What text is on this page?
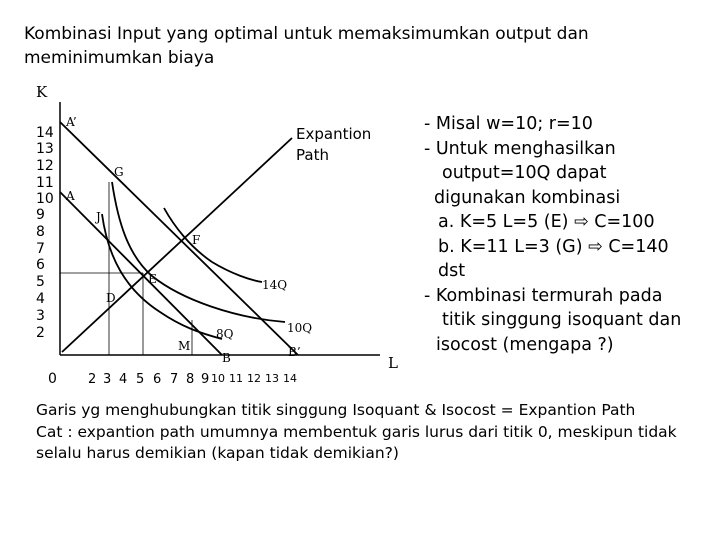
Kombinasi Input yang optimal untuk memaksimumkan output dan
meminimumkan biaya
K
L
0
14
13
12
11
10
9
8
7
6
5
4
3
2
2 3 4 5 6 7 8 9 10 11 12 13 14
A’
A
G
J
F
E
D
M
B	B’
Expantion
Path
8Q	10Q
14Q
- Misal w=10; r=10
- Untuk menghasilkan
output=10Q dapat
digunakan kombinasi
a. K=5 L=5 (E) ⇨ C=100
b. K=11 L=3 (G) ⇨ C=140
dst
- Kombinasi termurah pada
titik singgung isoquant dan
isocost (mengapa ?)
Garis yg menghubungkan titik singgung Isoquant & Isocost = Expantion Path
Cat : expantion path umumnya membentuk garis lurus dari titik 0, meskipun tidak
selalu harus demikian (kapan tidak demikian?)
